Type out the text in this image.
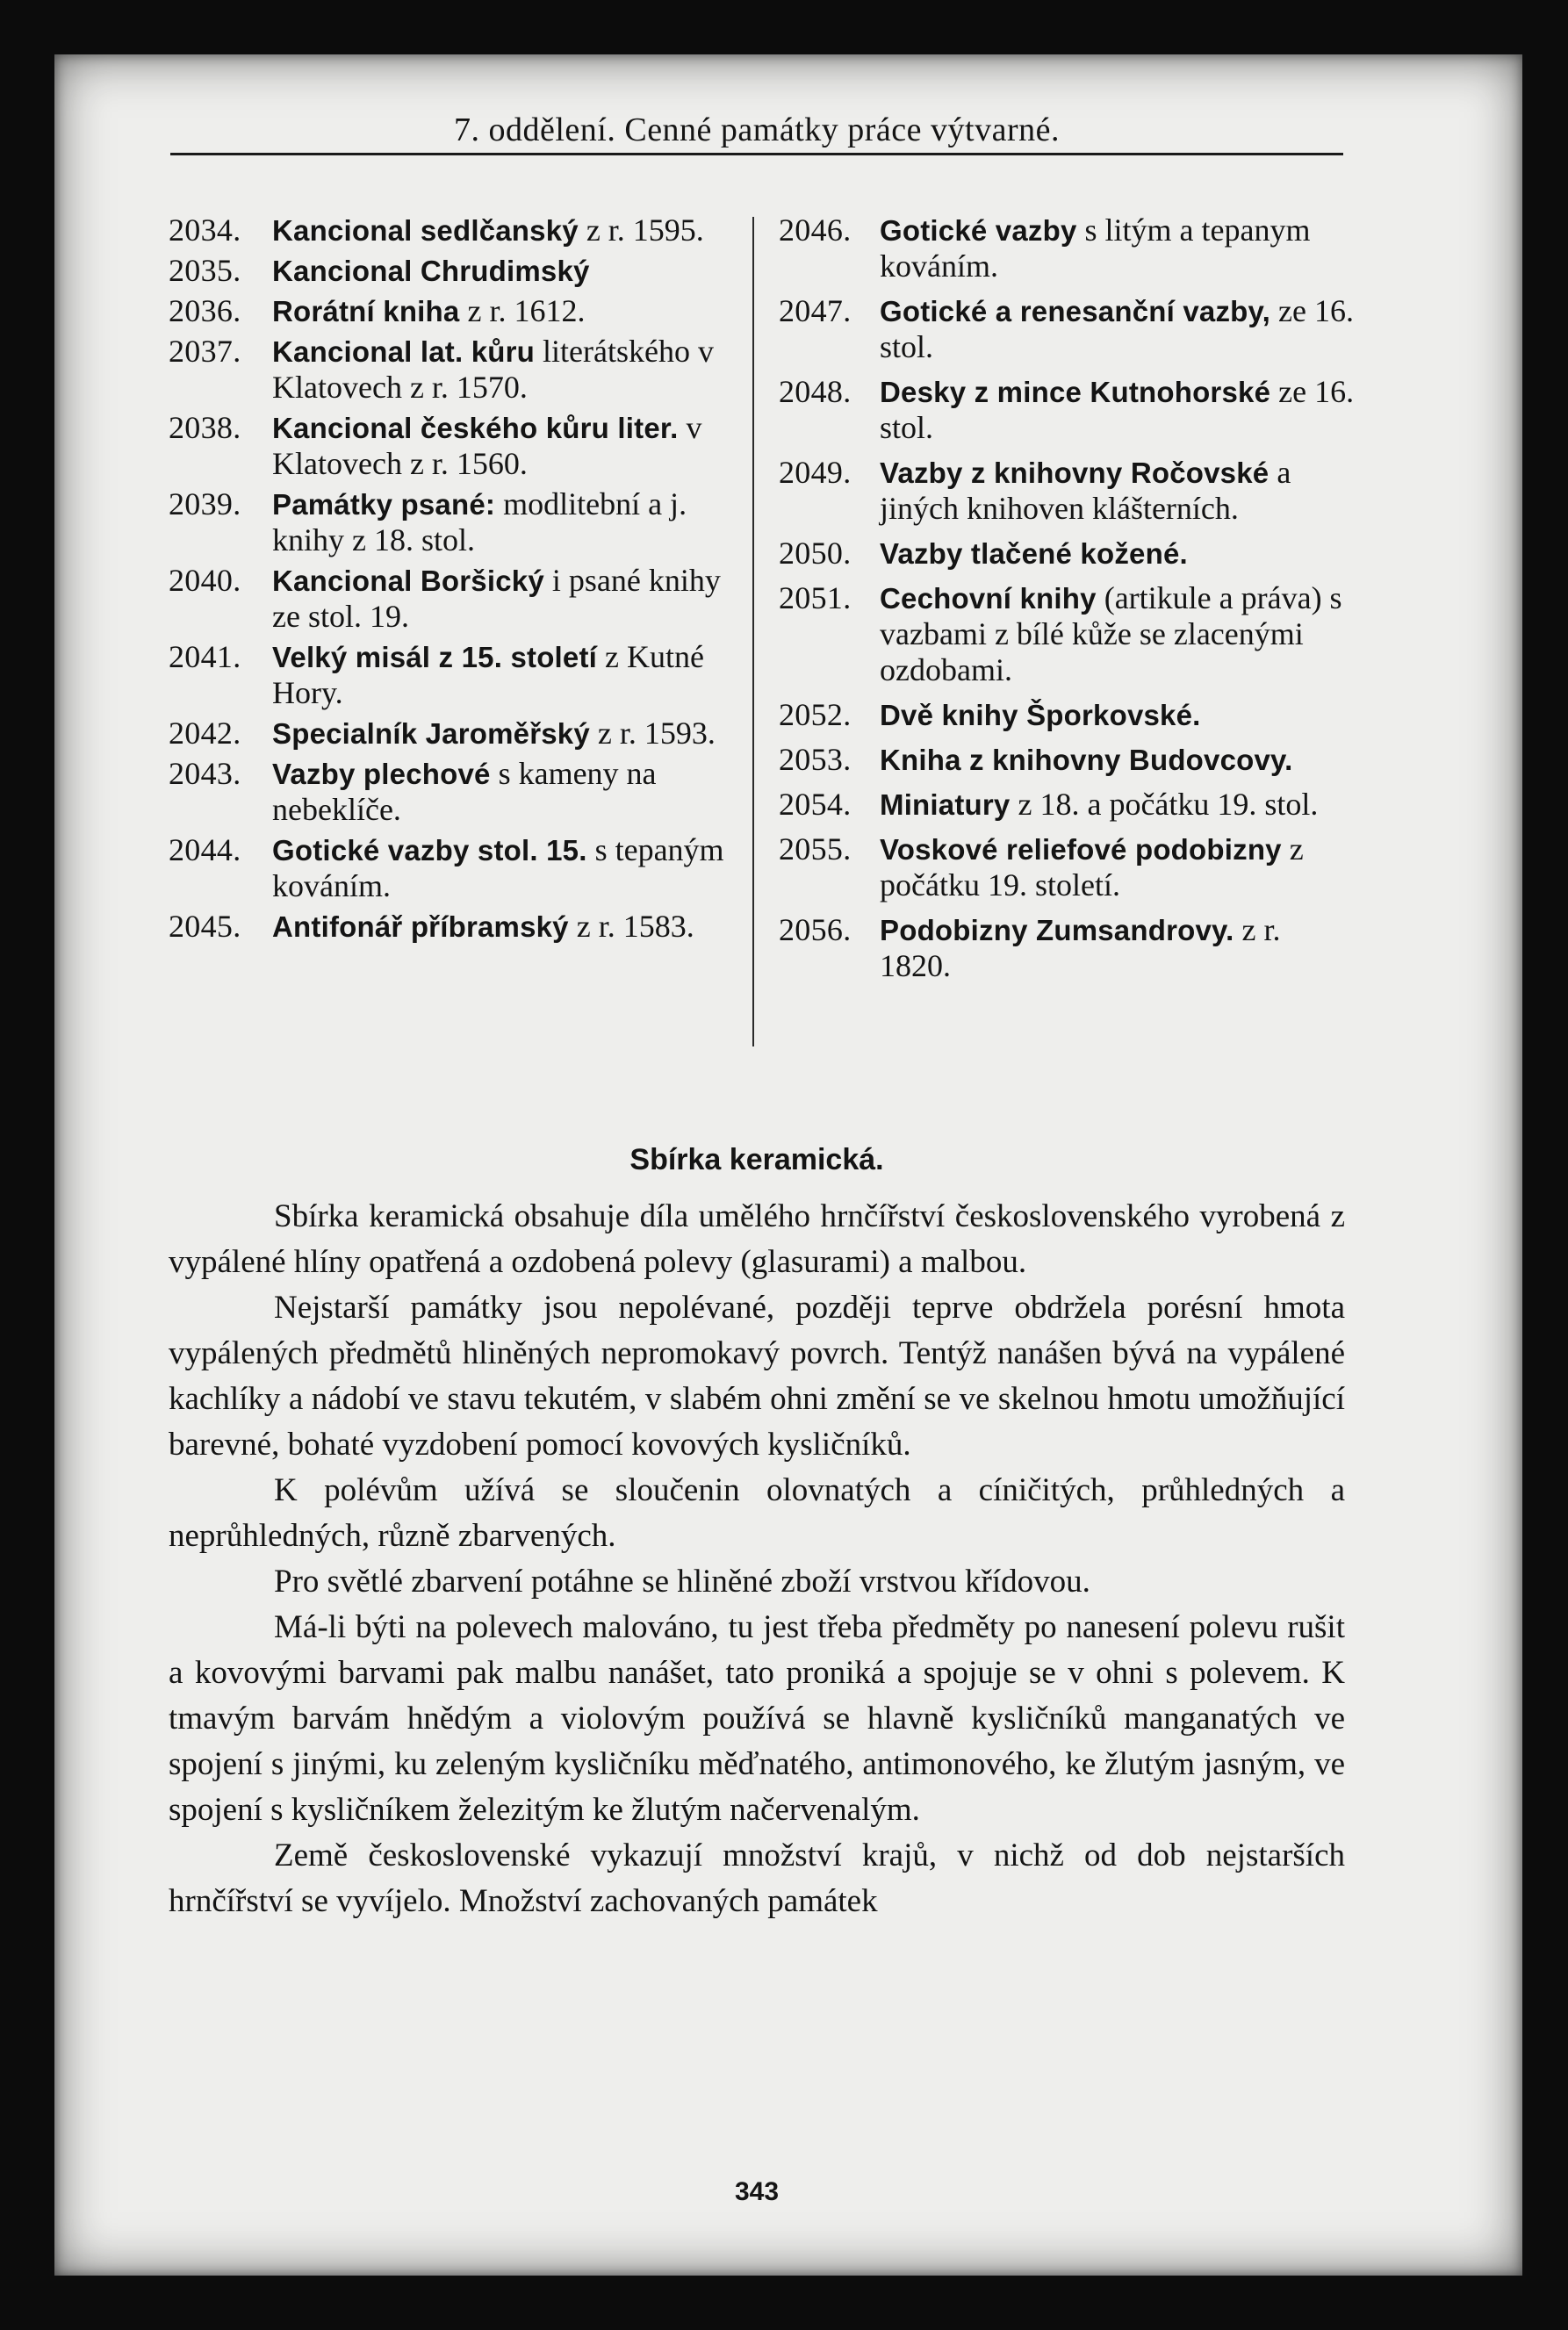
7. oddělení. Cenné památky práce výtvarné.
2034.	Kancional sedlčanský z r. 1595.
2035.	Kancional Chrudimský
2036.	Rorátní kniha z r. 1612.
2037.	Kancional lat. kůru literátského v Klatovech z r. 1570.
2038.	Kancional českého kůru liter. v Klatovech z r. 1560.
2039.	Památky psané: modlitební a j. knihy z 18. stol.
2040.	Kancional Boršický i psané knihy ze stol. 19.
2041.	Velký misál z 15. století z Kutné Hory.
2042.	Specialník Jaroměřský z r. 1593.
2043.	Vazby plechové s kameny na nebeklíče.
2044.	Gotické vazby stol. 15. s tepaným kováním.
2045.	Antifonář příbramský z r. 1583.
2046. Gotické vazby s litým a tepanym kováním.
2047. Gotické a renesanční vazby, ze 16. stol.
2048. Desky z mince Kutnohorské ze 16. stol.
2049. Vazby z knihovny Ročovské a jiných knihoven klášterních.
2050. Vazby tlačené kožené.
2051. Cechovní knihy (artikule a práva) s vazbami z bílé kůže se zlacenými ozdobami.
2052. Dvě knihy Šporkovské.
2053. Kniha z knihovny Budovcovy.
2054. Miniatury z 18. a počátku 19. stol.
2055. Voskové reliefové podobizny z počátku 19. století.
2056. Podobizny Zumsandrovy. z r. 1820.
Sbírka keramická.

Sbírka keramická obsahuje díla umělého hrnčířství československého vyrobená z vypálené hlíny opatřená a ozdobená polevy (glasurami) a malbou.

Nejstarší památky jsou nepolévané, později teprve obdržela porésní hmota vypálených předmětů hliněných nepromokavý povrch. Tentýž nanášen bývá na vypálené kachlíky a nádobí ve stavu tekutém, v slabém ohni změní se ve skelnou hmotu umožňující barevné, bohaté vyzdobení pomocí kovových kysličníků.

K polévům užívá se sloučenin olovnatých a cíničitých, průhledných a neprůhledných, různě zbarvených.

Pro světlé zbarvení potáhne se hliněné zboží vrstvou křídovou.

Má-li býti na polevech malováno, tu jest třeba předměty po nanesení polevu rušit a kovovými barvami pak malbu nanášet, tato proniká a spojuje se v ohni s polevem. K tmavým barvám hnědým a violovým používá se hlavně kysličníků manganatých ve spojení s jinými, ku zeleným kysličníku měďnatého, antimonového, ke žlutým jasným, ve spojení s kysličníkem železitým ke žlutým načervenalým.

Země československé vykazují množství krajů, v nichž od dob nejstarších hrnčířství se vyvíjelo. Množství zachovaných památek

343
